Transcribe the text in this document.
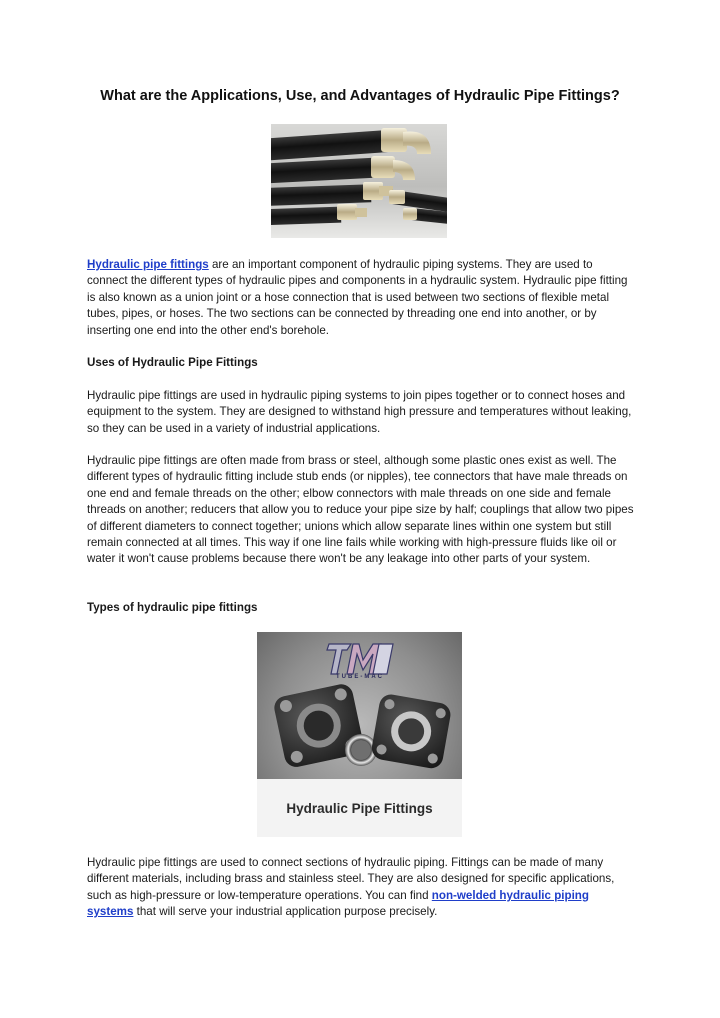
What are the Applications, Use, and Advantages of Hydraulic Pipe Fittings?

Hydraulic pipe fittings are an important component of hydraulic piping systems. They are used to connect the different types of hydraulic pipes and components in a hydraulic system. Hydraulic pipe fitting is also known as a union joint or a hose connection that is used between two sections of flexible metal tubes, pipes, or hoses. The two sections can be connected by threading one end into another, or by inserting one end into the other end's borehole.

Uses of Hydraulic Pipe Fittings

Hydraulic pipe fittings are used in hydraulic piping systems to join pipes together or to connect hoses and equipment to the system. They are designed to withstand high pressure and temperatures without leaking, so they can be used in a variety of industrial applications.

Hydraulic pipe fittings are often made from brass or steel, although some plastic ones exist as well. The different types of hydraulic fitting include stub ends (or nipples), tee connectors that have male threads on one end and female threads on the other; elbow connectors with male threads on one side and female threads on another; reducers that allow you to reduce your pipe size by half; couplings that allow two pipes of different diameters to connect together; unions which allow separate lines within one system but still remain connected at all times. This way if one line fails while working with high-pressure fluids like oil or water it won't cause problems because there won't be any leakage into other parts of your system.

Types of hydraulic pipe fittings

TUBE-MAC
Hydraulic Pipe Fittings

Hydraulic pipe fittings are used to connect sections of hydraulic piping. Fittings can be made of many different materials, including brass and stainless steel. They are also designed for specific applications, such as high-pressure or low-temperature operations. You can find non-welded hydraulic piping systems that will serve your industrial application purpose precisely.
